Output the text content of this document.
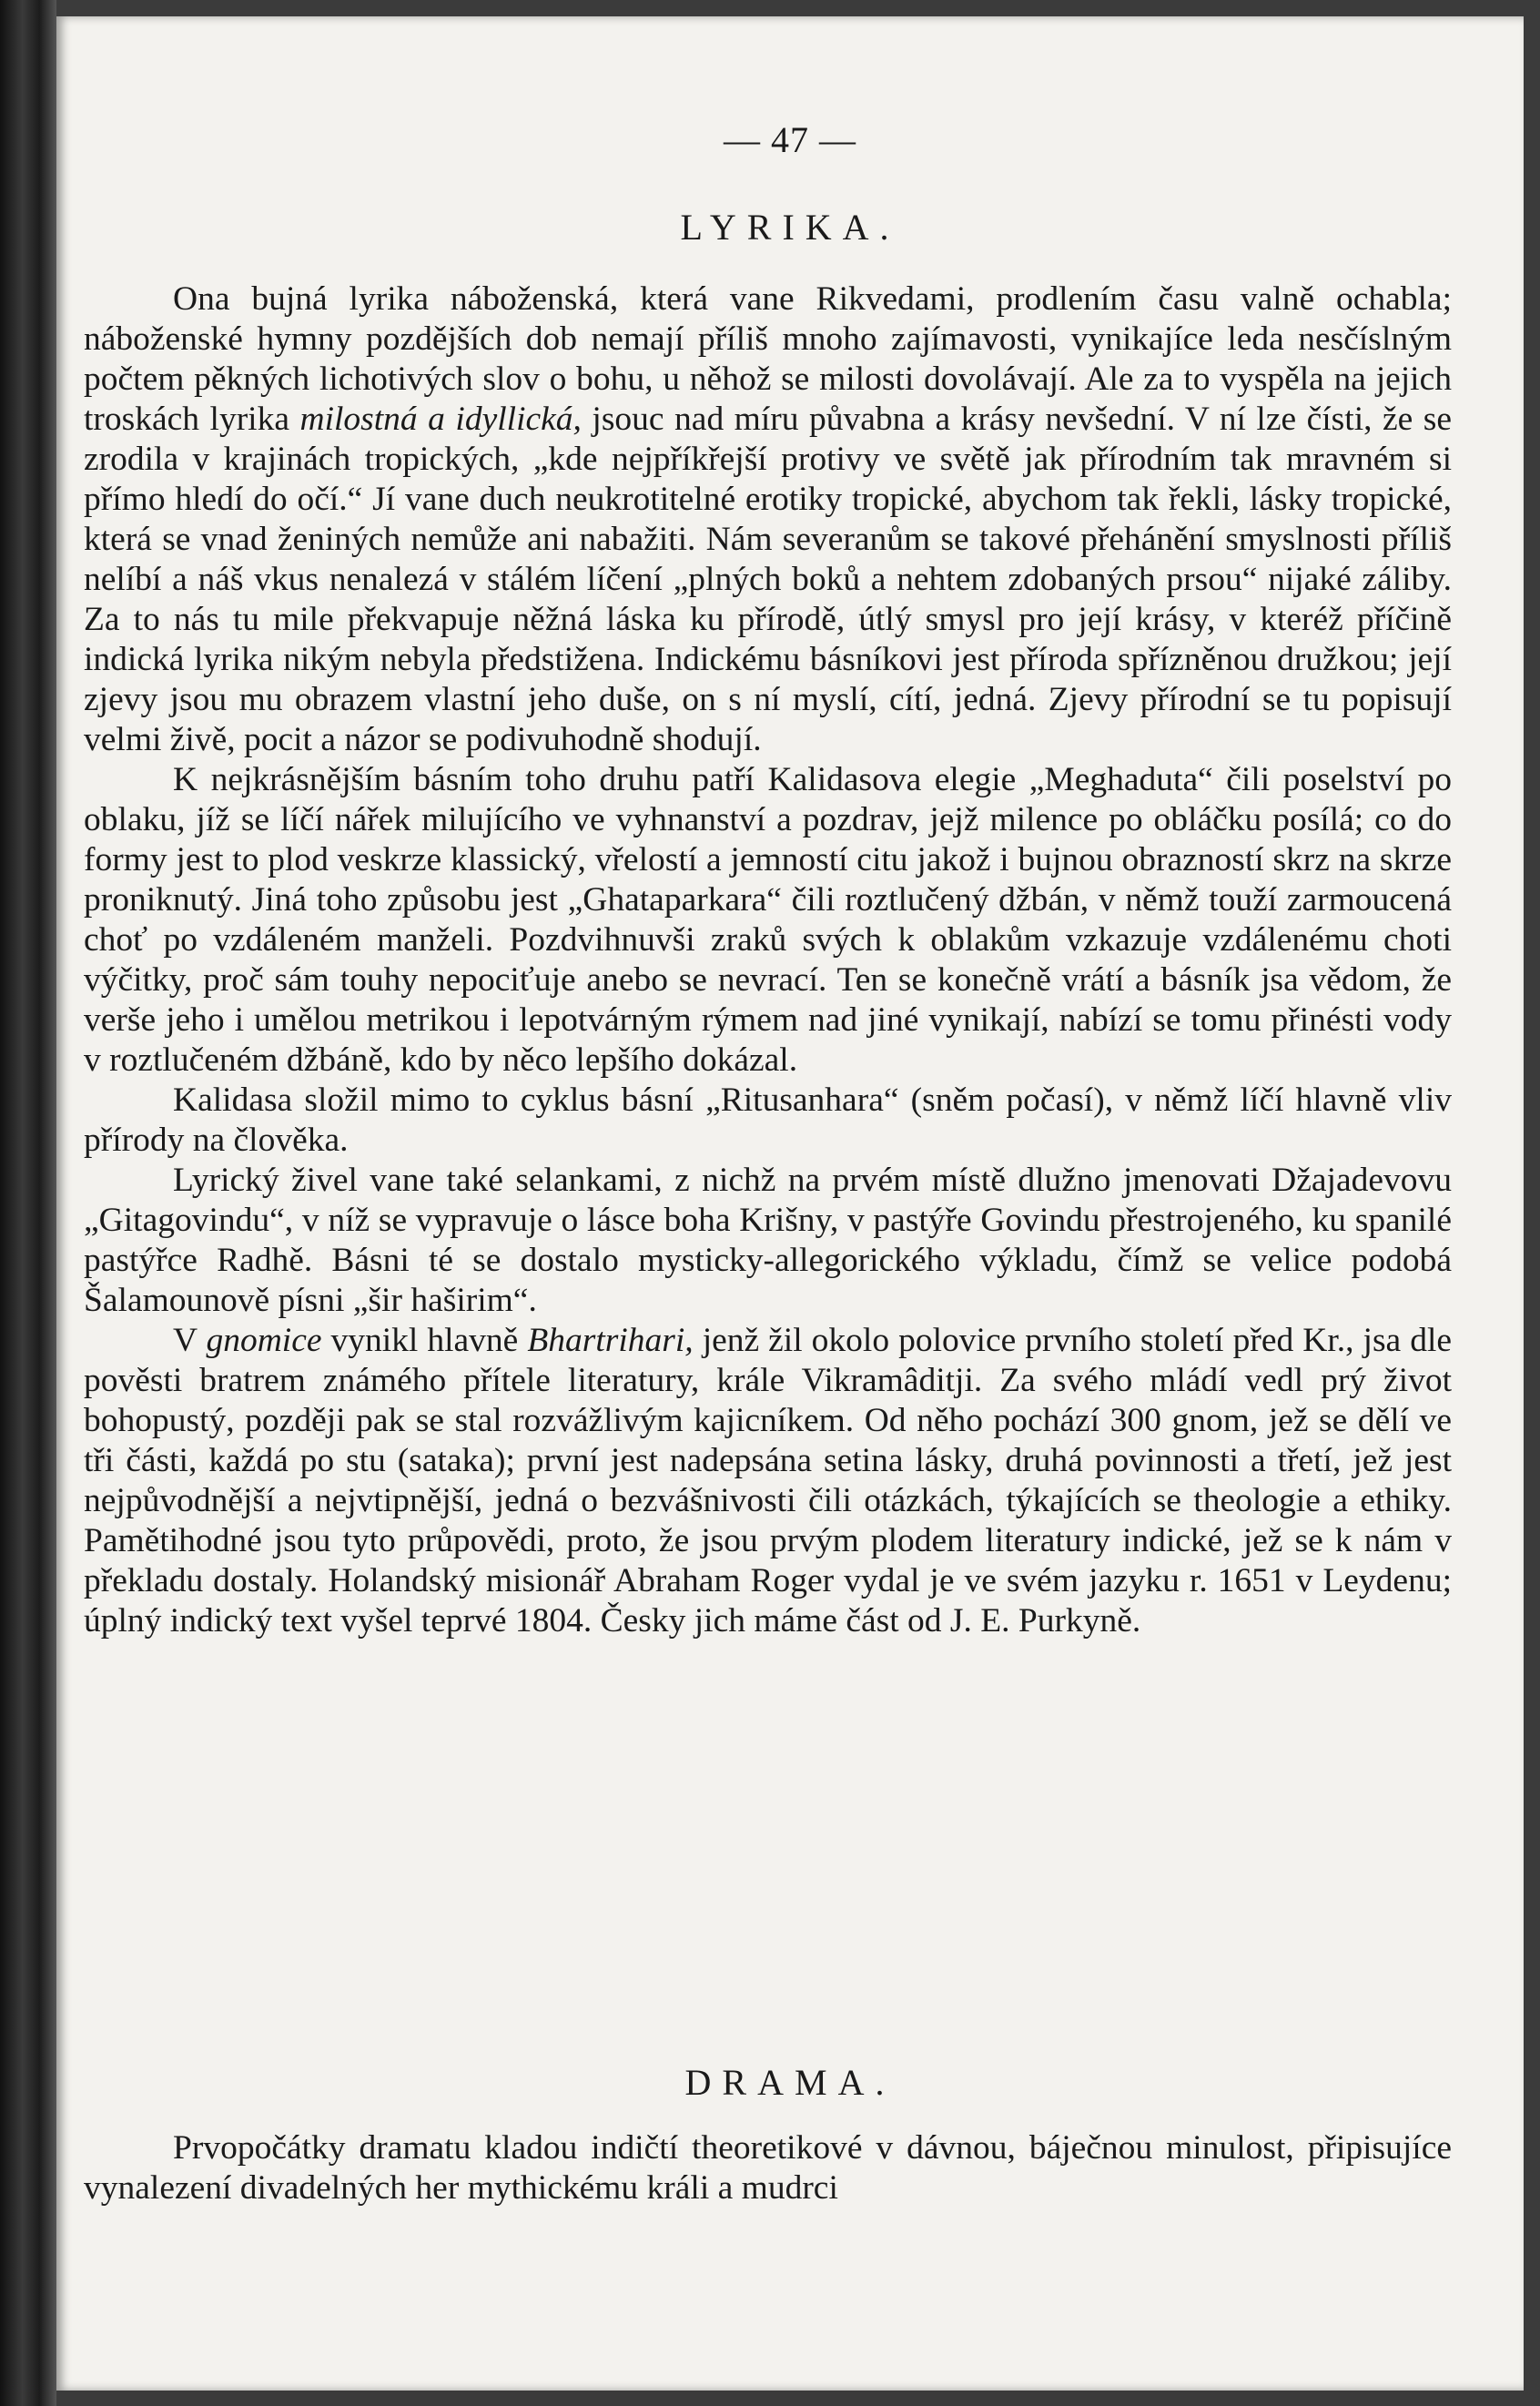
— 47 —
LYRIKA.

Ona bujná lyrika náboženská, která vane Rikvedami, prodlením času valně ochabla; náboženské hymny pozdějších dob nemají příliš mnoho zajímavosti, vynikajíce leda nesčíslným počtem pěkných lichotivých slov o bohu, u něhož se milosti dovolávají. Ale za to vyspěla na jejich troskách lyrika milostná a idyllická, jsouc nad míru půvabna a krásy nevšední. V ní lze čísti, že se zrodila v krajinách tropických, „kde nejpříkřejší protivy ve světě jak přírodním tak mravném si přímo hledí do očí.“ Jí vane duch neukrotitelné erotiky tropické, abychom tak řekli, lásky tropické, která se vnad ženiných nemůže ani nabažiti. Nám severanům se takové přehánění smyslnosti příliš nelíbí a náš vkus nenalezá v stálém líčení „plných boků a nehtem zdobaných prsou“ nijaké záliby. Za to nás tu mile překvapuje něžná láska ku přírodě, útlý smysl pro její krásy, v kteréž příčině indická lyrika nikým nebyla předstižena. Indickému básníkovi jest příroda spřízněnou družkou; její zjevy jsou mu obrazem vlastní jeho duše, on s ní myslí, cítí, jedná. Zjevy přírodní se tu popisují velmi živě, pocit a názor se podivuhodně shodují.

K nejkrásnějším básním toho druhu patří Kalidasova elegie „Meghaduta“ čili poselství po oblaku, jíž se líčí nářek milujícího ve vyhnanství a pozdrav, jejž milence po obláčku posílá; co do formy jest to plod veskrze klassický, vřelostí a jemností citu jakož i bujnou obrazností skrz na skrze proniknutý. Jiná toho způsobu jest „Ghataparkara“ čili roztlučený džbán, v němž touží zarmoucená choť po vzdáleném manželi. Pozdvihnuvši zraků svých k oblakům vzkazuje vzdálenému choti výčitky, proč sám touhy nepociťuje anebo se nevrací. Ten se konečně vrátí a básník jsa vědom, že verše jeho i umělou metrikou i lepotvárným rýmem nad jiné vynikají, nabízí se tomu přinésti vody v roztlučeném džbáně, kdo by něco lepšího dokázal.

Kalidasa složil mimo to cyklus básní „Ritusanhara“ (sněm počasí), v němž líčí hlavně vliv přírody na člověka.

Lyrický živel vane také selankami, z nichž na prvém místě dlužno jmenovati Džajadevovu „Gitagovindu“, v níž se vypravuje o lásce boha Krišny, v pastýře Govindu přestrojeného, ku spanilé pastýřce Radhě. Básni té se dostalo mysticky-allegorického výkladu, čímž se velice podobá Šalamounově písni „šir haširim“.

V gnomice vynikl hlavně Bhartrihari, jenž žil okolo polovice prvního století před Kr., jsa dle pověsti bratrem známého přítele literatury, krále Vikramâditji. Za svého mládí vedl prý život bohopustý, později pak se stal rozvážlivým kajicníkem. Od něho pochází 300 gnom, jež se dělí ve tři části, každá po stu (sataka); první jest nadepsána setina lásky, druhá povinnosti a třetí, jež jest nejpůvodnější a nejvtipnější, jedná o bezvášnivosti čili otázkách, týkajících se theologie a ethiky. Pamětihodné jsou tyto průpovědi, proto, že jsou prvým plodem literatury indické, jež se k nám v překladu dostaly. Holandský misionář Abraham Roger vydal je ve svém jazyku r. 1651 v Leydenu; úplný indický text vyšel teprvé 1804. Česky jich máme část od J. E. Purkyně.

DRAMA.

Prvopočátky dramatu kladou indičtí theoretikové v dávnou, báječnou minulost, připisujíce vynalezení divadelných her mythickému králi a mudrci
